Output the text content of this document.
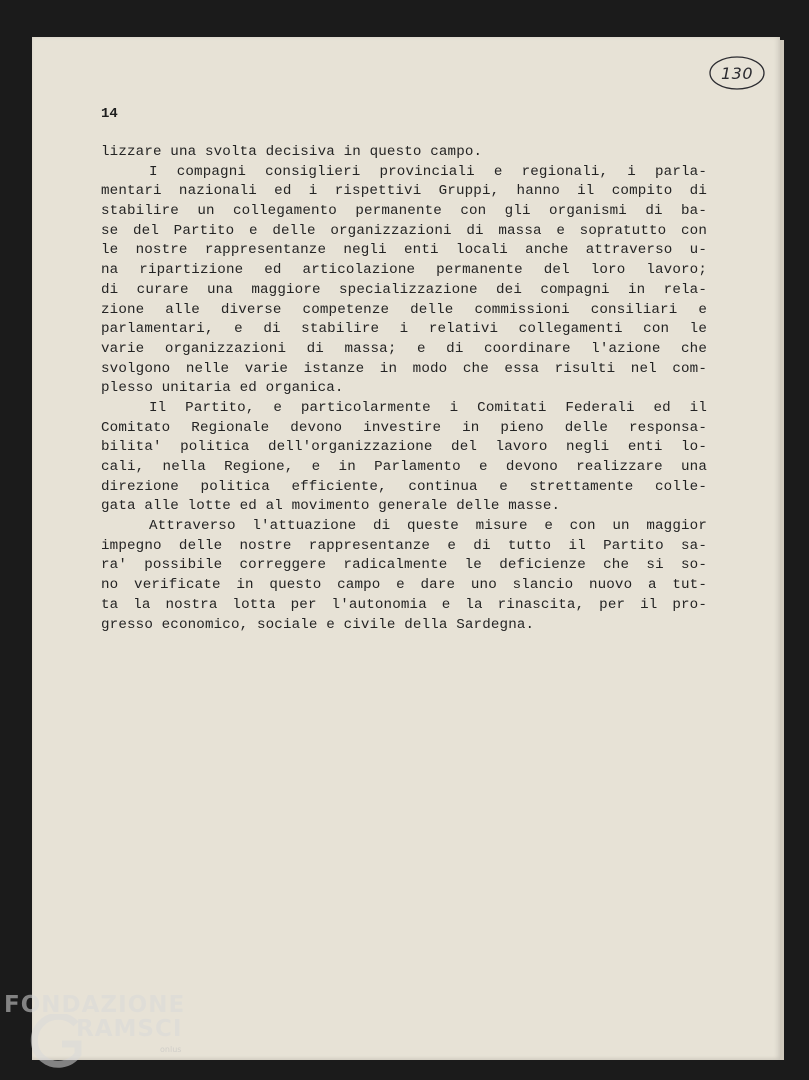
130
14
lizzare una svolta decisiva in questo campo.
I compagni consiglieri provinciali e regionali, i parla-
mentari nazionali ed i rispettivi Gruppi, hanno il compito di
stabilire un collegamento permanente con gli organismi di ba-
se del Partito e delle organizzazioni di massa e sopratutto con
le nostre rappresentanze negli enti locali anche attraverso u-
na ripartizione ed articolazione permanente del loro lavoro;
di curare una maggiore specializzazione dei compagni in rela-
zione alle diverse competenze delle commissioni consiliari e
parlamentari, e di stabilire i relativi collegamenti con le
varie organizzazioni di massa; e di coordinare l'azione che
svolgono nelle varie istanze in modo che essa risulti nel com-
plesso unitaria ed organica.
Il Partito, e particolarmente i Comitati Federali ed il
Comitato Regionale devono investire in pieno delle responsa-
bilita' politica dell'organizzazione del lavoro negli enti lo-
cali, nella Regione, e in Parlamento e devono realizzare una
direzione politica efficiente, continua e strettamente colle-
gata alle lotte ed al movimento generale delle masse.
Attraverso l'attuazione di queste misure e con un maggior
impegno delle nostre rappresentanze e di tutto il Partito sa-
ra' possibile correggere radicalmente le deficienze che si so-
no verificate in questo campo e dare uno slancio nuovo a tut-
ta la nostra lotta per l'autonomia e la rinascita, per il pro-
gresso economico, sociale e civile della Sardegna.
FONDAZIONE
RAMSCI
onlus
